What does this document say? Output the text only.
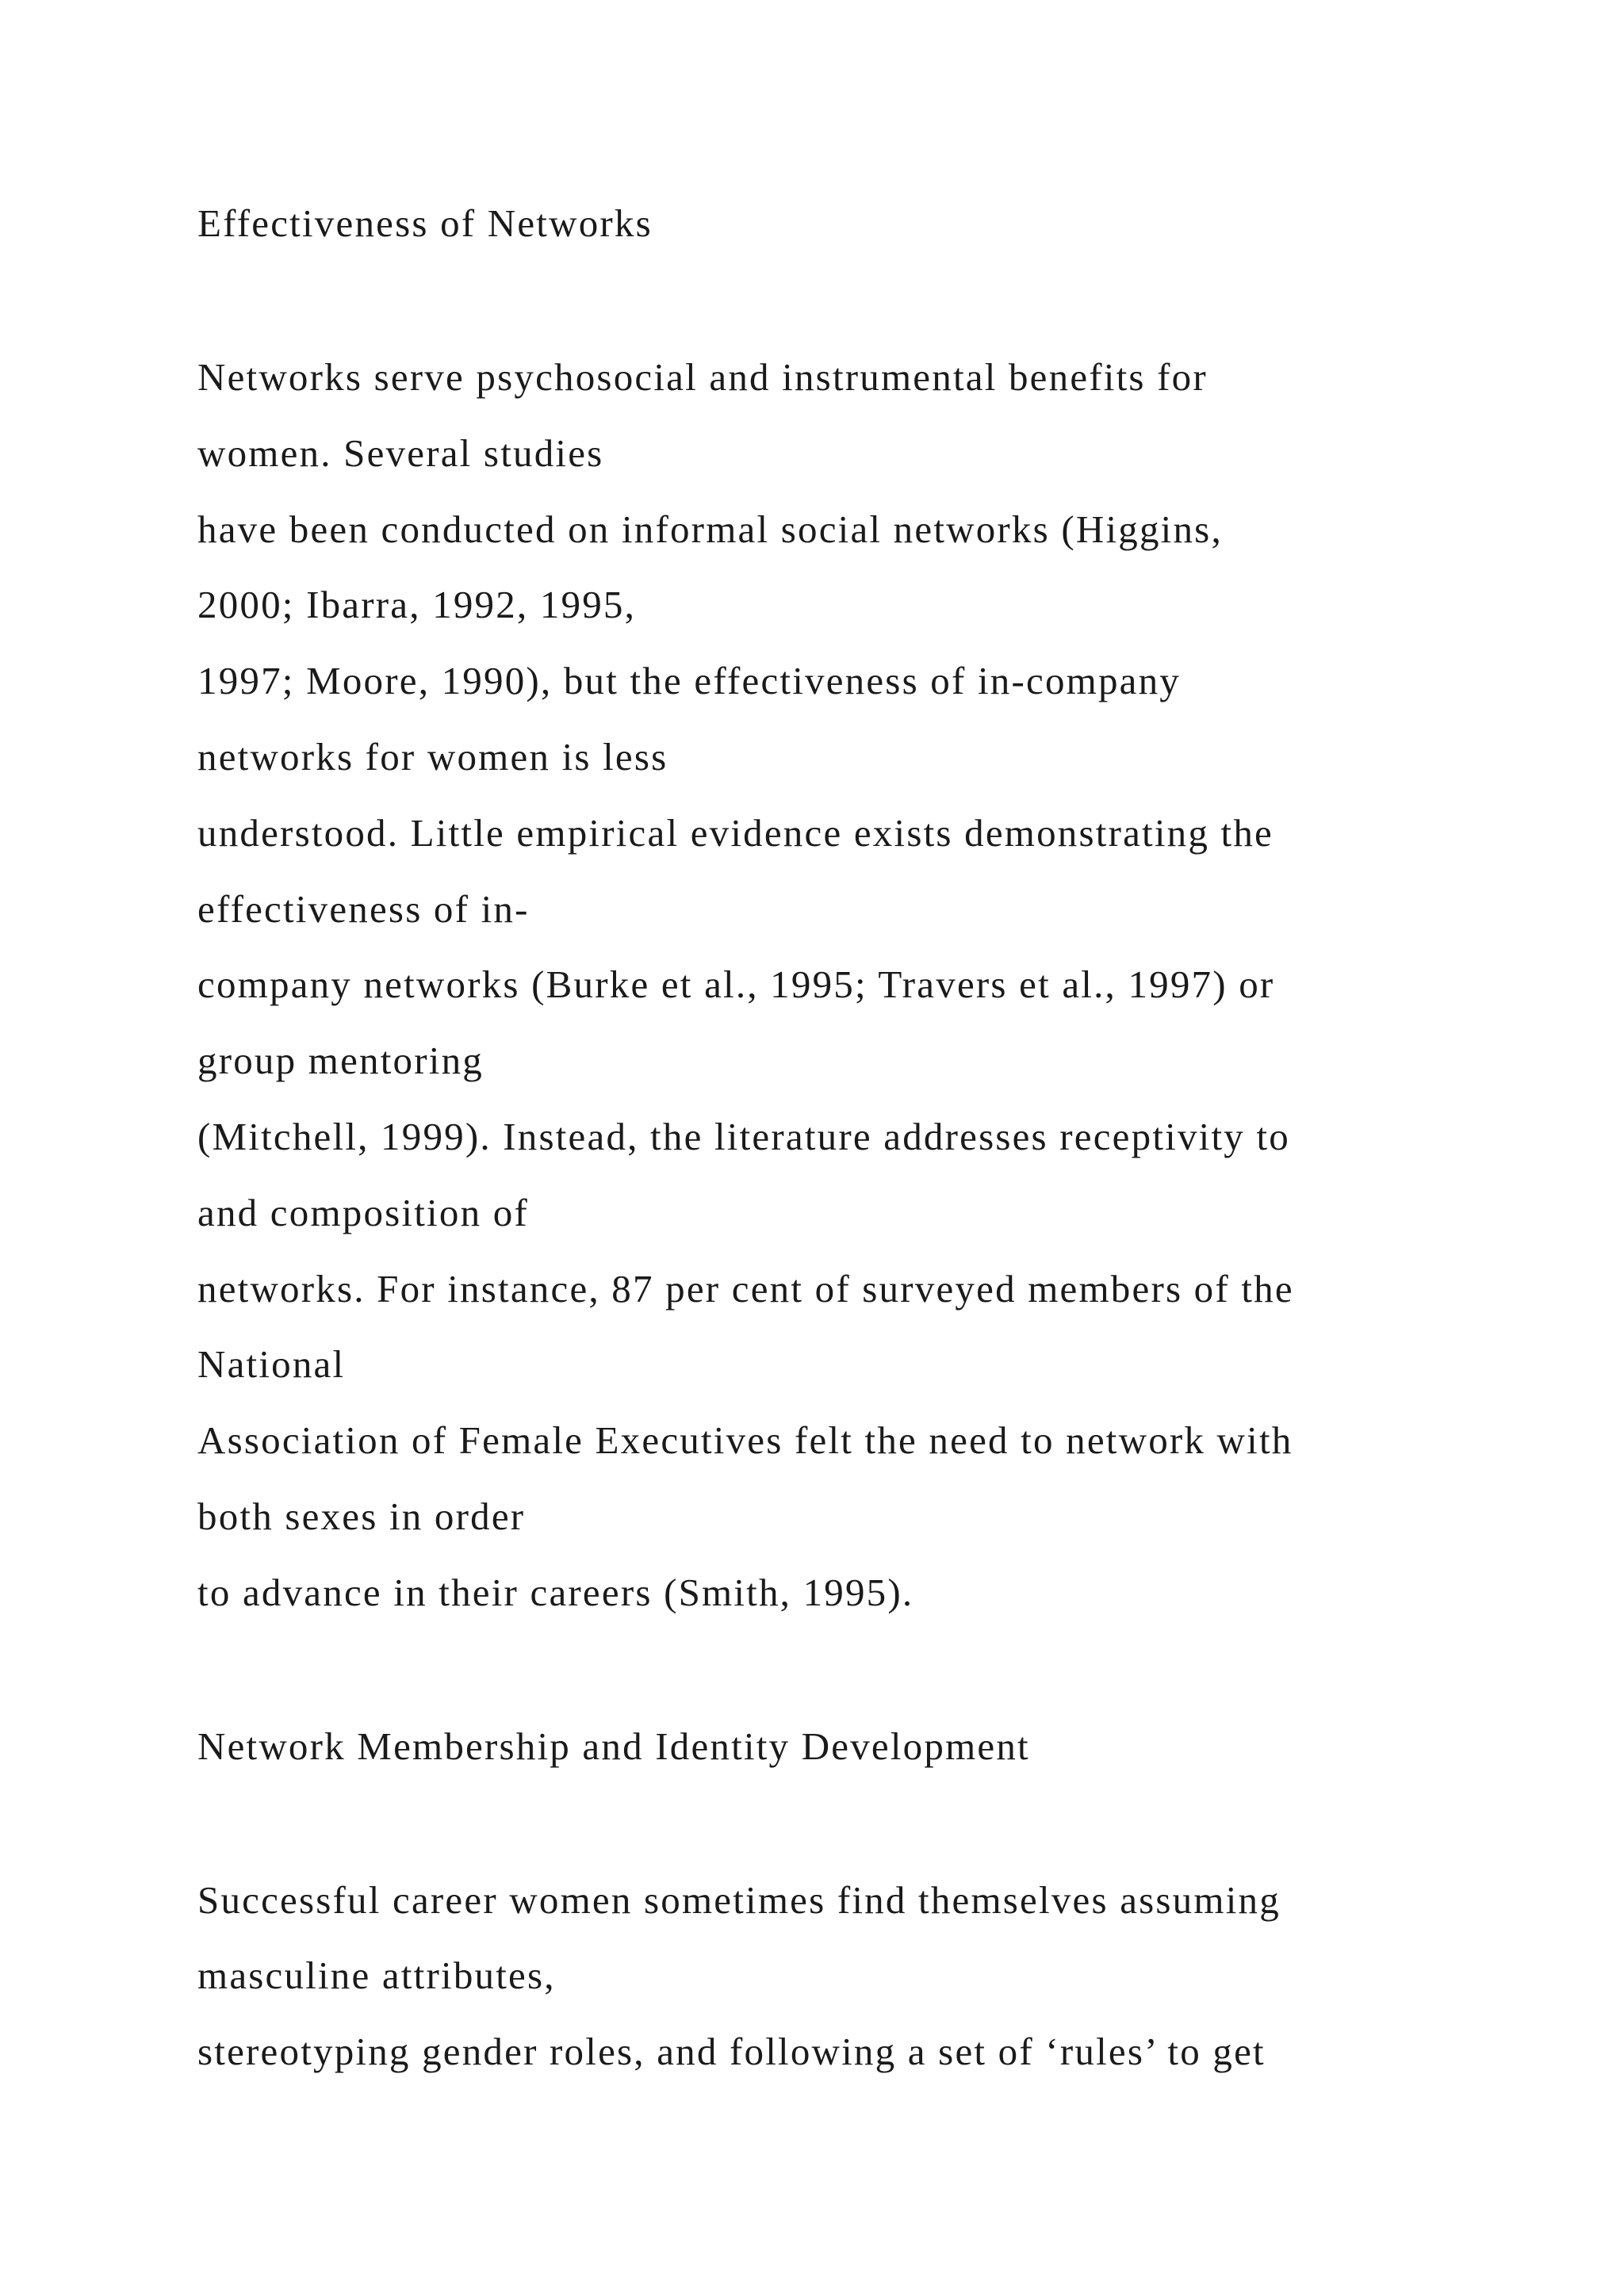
Effectiveness of Networks

Networks serve psychosocial and instrumental benefits for

women. Several studies

have been conducted on informal social networks (Higgins,

2000; Ibarra, 1992, 1995,

1997; Moore, 1990), but the effectiveness of in-company

networks for women is less

understood. Little empirical evidence exists demonstrating the

effectiveness of in-

company networks (Burke et al., 1995; Travers et al., 1997) or

group mentoring

(Mitchell, 1999). Instead, the literature addresses receptivity to

and composition of

networks. For instance, 87 per cent of surveyed members of the

National

Association of Female Executives felt the need to network with

both sexes in order

to advance in their careers (Smith, 1995).

Network Membership and Identity Development

Successful career women sometimes find themselves assuming

masculine attributes,

stereotyping gender roles, and following a set of ‘rules’ to get
